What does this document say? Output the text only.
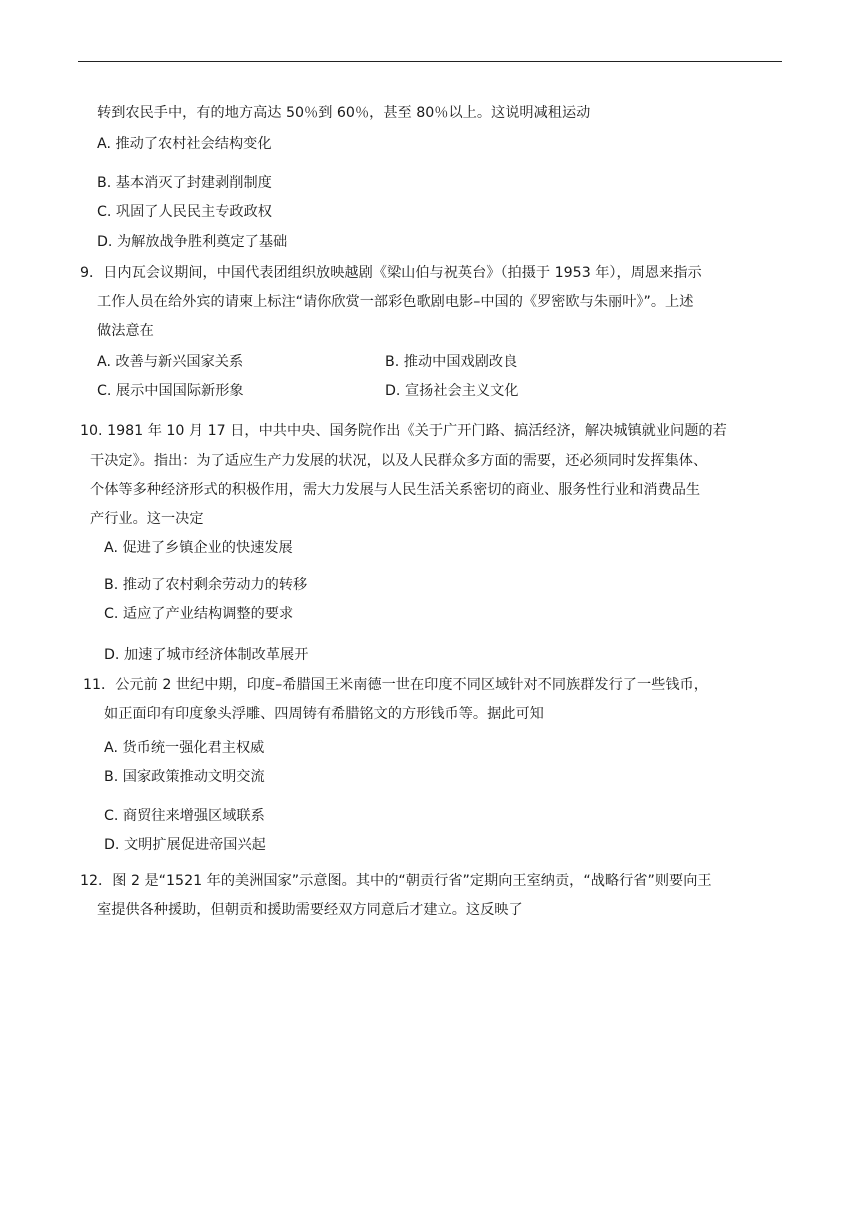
转到农民手中，有的地方高达 50％到 60％，甚至 80％以上。这说明减租运动
A. 推动了农村社会结构变化
B. 基本消灭了封建剥削制度
C. 巩固了人民民主专政政权
D. 为解放战争胜利奠定了基础
9．日内瓦会议期间，中国代表团组织放映越剧《梁山伯与祝英台》（拍摄于 1953 年），周恩来指示
工作人员在给外宾的请柬上标注“请你欣赏一部彩色歌剧电影–中国的《罗密欧与朱丽叶》”。上述
做法意在
A. 改善与新兴国家关系	B. 推动中国戏剧改良
C. 展示中国国际新形象	D. 宣扬社会主义文化
10. 1981 年 10 月 17 日，中共中央、国务院作出《关于广开门路、搞活经济，解决城镇就业问题的若
干决定》。指出：为了适应生产力发展的状况，以及人民群众多方面的需要，还必须同时发挥集体、
个体等多种经济形式的积极作用，需大力发展与人民生活关系密切的商业、服务性行业和消费品生
产行业。这一决定
A. 促进了乡镇企业的快速发展
B. 推动了农村剩余劳动力的转移
C. 适应了产业结构调整的要求
D. 加速了城市经济体制改革展开
11．公元前 2 世纪中期，印度–希腊国王米南德一世在印度不同区域针对不同族群发行了一些钱币，
如正面印有印度象头浮雕、四周铸有希腊铭文的方形钱币等。据此可知
A. 货币统一强化君主权威
B. 国家政策推动文明交流
C. 商贸往来增强区域联系
D. 文明扩展促进帝国兴起
12．图 2 是“1521 年的美洲国家”示意图。其中的“朝贡行省”定期向王室纳贡，“战略行省”则要向王
室提供各种援助，但朝贡和援助需要经双方同意后才建立。这反映了
